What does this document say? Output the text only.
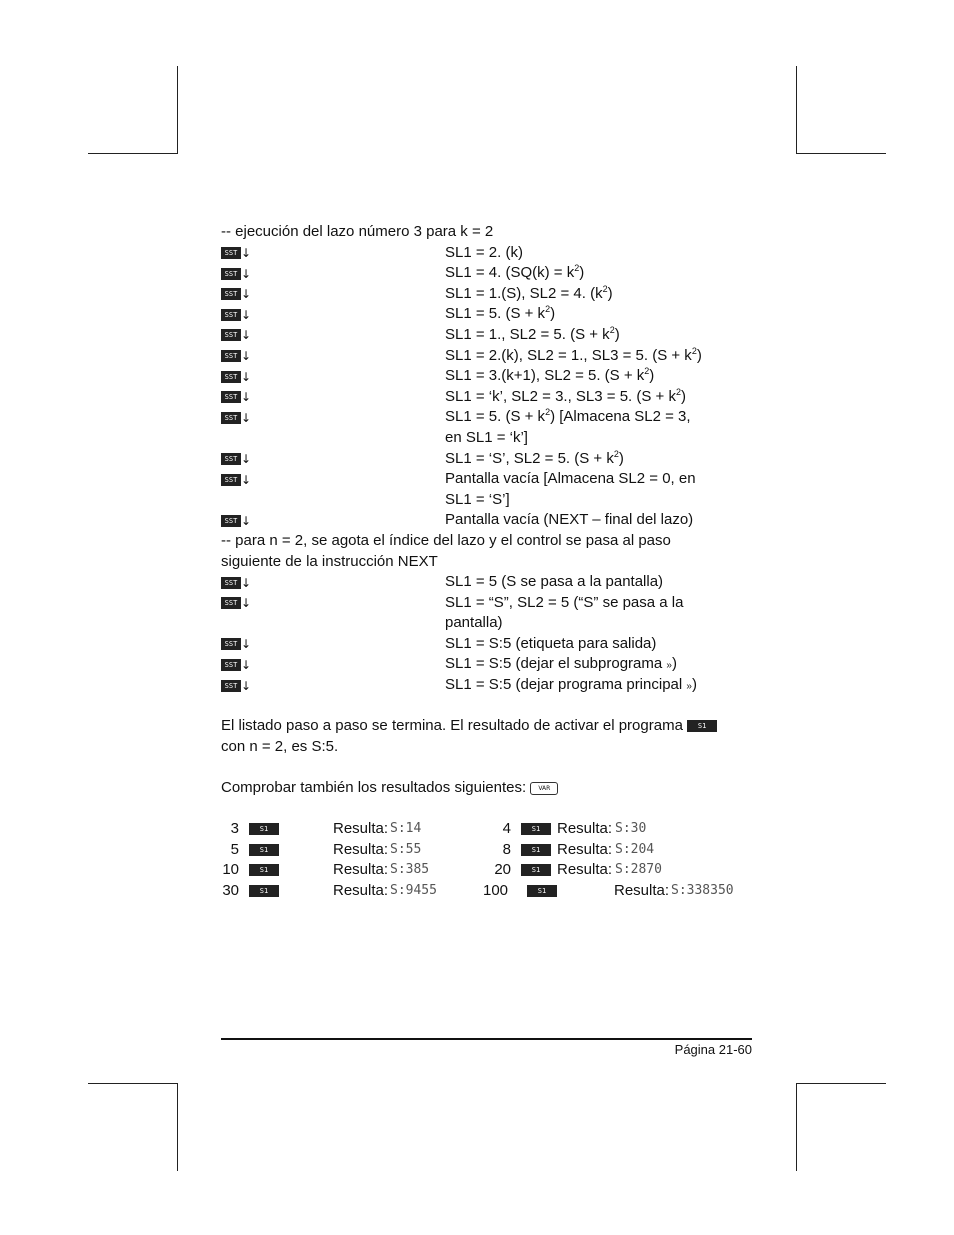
-- ejecución del lazo número 3 para k = 2
SST ↓	SL1 = 2. (k)
SST ↓	SL1 = 4. $(SQ(k) = k^2)$
SST ↓	SL1 = 1.(S), SL2 = 4. $(k^2)$
SST ↓	SL1 = 5. $(S + k^2)$
SST ↓	SL1 = 1., SL2 = 5. $(S + k^2)$
SST ↓	SL1 = 2.(k), SL2 = 1., SL3 = 5. $(S + k^2)$
SST ↓	SL1 = 3.(k+1), SL2 = 5. $(S + k^2)$
SST ↓	SL1 = ‘k’, SL2 = 3., SL3 = 5. $(S + k^2)$
SST ↓	SL1 = 5. $(S + k^2)$ [Almacena SL2 = 3,
en SL1 = ‘k’]
SST ↓	SL1 = ‘S’, SL2 = 5. $(S + k^2)$
SST ↓	Pantalla vacía [Almacena SL2 = 0, en
SL1 = ‘S’]
SST ↓	Pantalla vacía (NEXT – final del lazo)
-- para n = 2, se agota el índice del lazo y el control se pasa al paso
siguiente de la instrucción NEXT
SST ↓	SL1 = 5 (S se pasa a la pantalla)
SST ↓	SL1 = “S”, SL2 = 5 (“S” se pasa a la
pantalla)
SST ↓	SL1 = S:5 (etiqueta para salida)
SST ↓	SL1 = S:5 (dejar el subprograma »)
SST ↓	SL1 = S:5 (dejar programa principal »)
El listado paso a paso se termina. El resultado de activar el programa S1
con n = 2, es S:5.
Comprobar también los resultados siguientes: VAR
3	S1	Resulta: S:14	4	S1	Resulta: S:30
5	S1	Resulta: S:55	8	S1	Resulta: S:204
10	S1	Resulta: S:385	20	S1	Resulta: S:2870
30	S1	Resulta: S:9455	100	S1	Resulta: S:338350
Página 21-60
